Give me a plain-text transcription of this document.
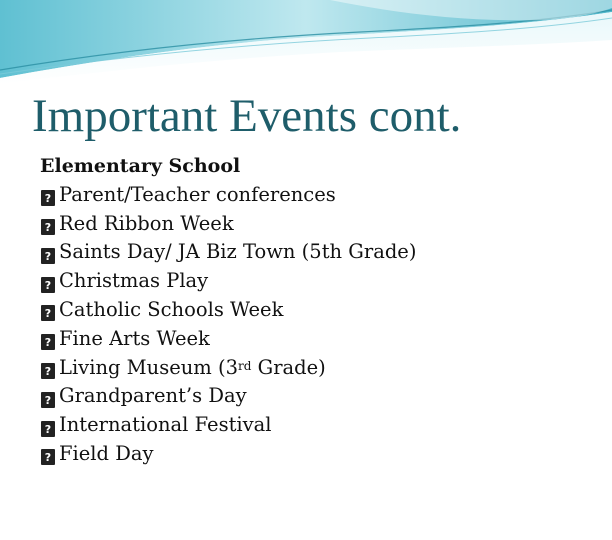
Important Events cont.
Elementary School
? Parent/Teacher conferences
? Red Ribbon Week
? Saints Day/ JA Biz Town (5th Grade)
? Christmas Play
? Catholic Schools Week
? Fine Arts Week
? Living Museum (3rd Grade)
? Grandparent’s Day
? International Festival
? Field Day
